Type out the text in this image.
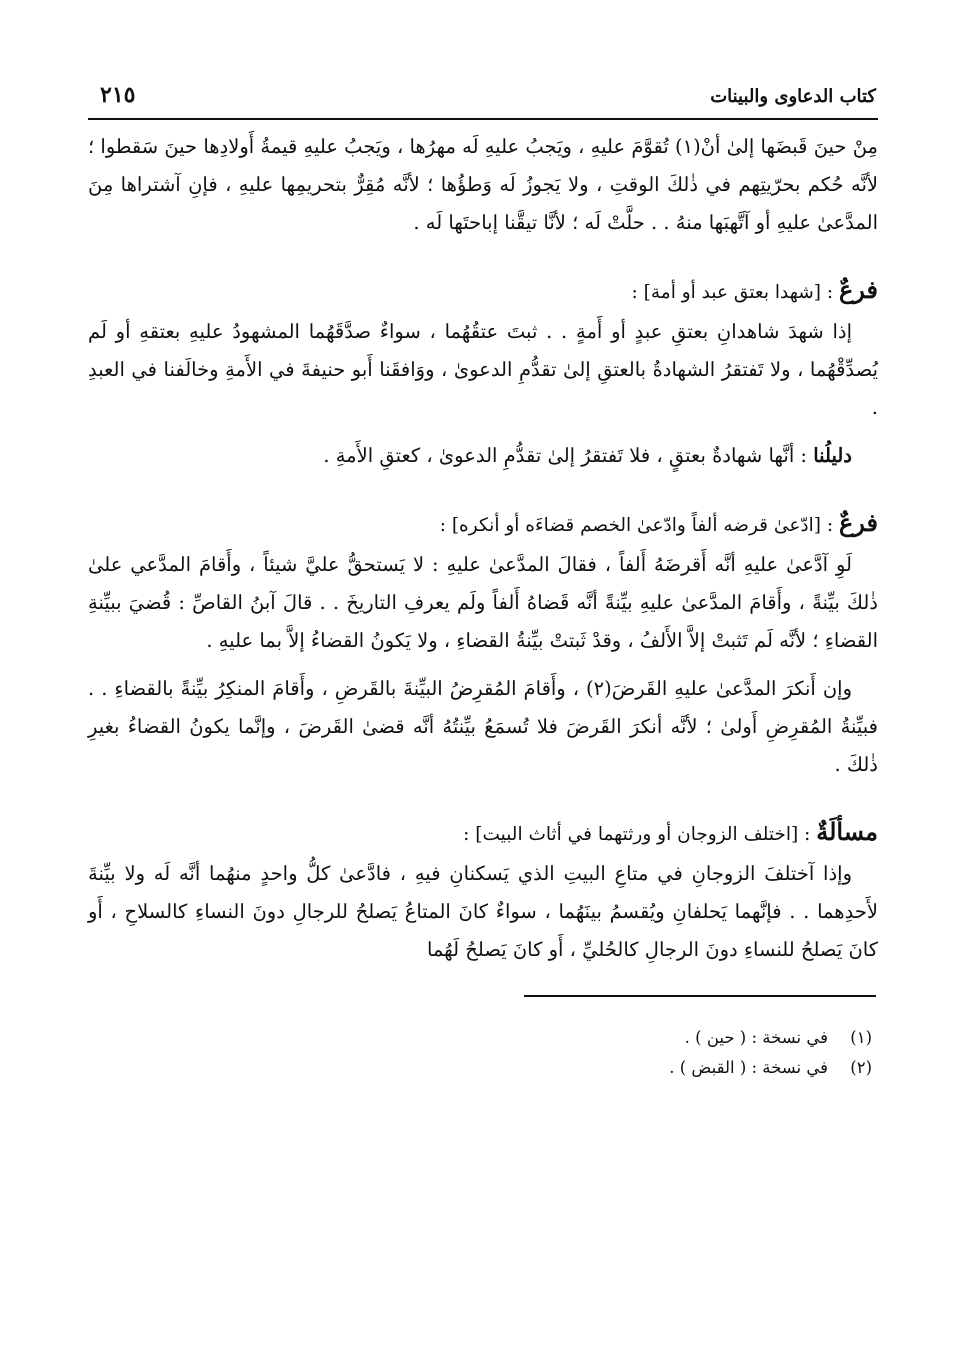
كتاب الدعاوى والبينات
٢١٥

مِنْ حينَ قَبضَها إلىٰ أنْ(١) تُقوَّمَ عليهِ ، ويَجبُ عليهِ لَه مهرُها ، ويَجبُ عليهِ قيمةُ أَولادِها حينَ سَقطوا ؛ لأنَّه حُكم بحرّيتِهم في ذٰلكَ الوقتِ ، ولا يَجوزُ لَه وَطؤُها ؛ لأنَّه مُقِرٌّ بتحريمِها عليهِ ، فإنِ آشتراها مِنَ المدَّعىٰ عليهِ أو آتَّهبَها منهُ . . حلَّتْ لَه ؛ لأنَّا تيقَّنا إباحتَها لَه .

فرعٌ : [شهدا بعتق عبد أو أمة] :

إذا شهدَ شاهدانِ بعتقِ عبدٍ أو أَمةٍ . . ثبتَ عتقُهُما ، سواءٌ صدَّقَهُما المشهودُ عليهِ بعتقهِ أو لَم يُصدِّقْهُما ، ولا تَفتقرُ الشهادةُ بالعتقِ إلىٰ تقدُّمِ الدعوىٰ ، ووَافقَنا أَبو حنيفةَ في الأَمةِ وخالَفنا في العبدِ .

دليلُنا : أنَّها شهادةٌ بعتقٍ ، فلا تَفتقرُ إلىٰ تقدُّمِ الدعوىٰ ، كعتقِ الأَمةِ .

فرعٌ : [ادّعىٰ قرضه ألفاً وادّعىٰ الخصم قضاءَه أو أنكره] :

لَوِ آدَّعىٰ عليهِ أنَّه أَقرضَهُ أَلفاً ، فقالَ المدَّعىٰ عليهِ : لا يَستحقُّ عليَّ شيئاً ، وأَقامَ المدَّعي علىٰ ذٰلكَ بيِّنةً ، وأَقامَ المدَّعىٰ عليهِ بيِّنةً أنَّه قَضاهُ أَلفاً ولَم يعرفِ التاريخَ . . قالَ آبنُ القاصِّ : قُضيَ ببيِّنةِ القضاءِ ؛ لأنَّه لَم تَثبتْ إلاَّ الأَلفُ ، وقدْ ثَبتتْ بيِّنةُ القضاءِ ، ولا يَكونُ القضاءُ إلاَّ بما عليهِ .

وإن أَنكرَ المدَّعىٰ عليهِ القَرضَ(٢) ، وأَقامَ المُقرِضُ البيِّنةَ بالقَرضِ ، وأَقامَ المنكِرُ بيِّنةً بالقضاءِ . . فبيِّنةُ المُقرِضِ أَولىٰ ؛ لأنَّه أنكرَ القَرضَ فلا تُسمَعُ بيِّنتُهُ أنَّه قضىٰ القَرضَ ، وإنَّما يكونُ القضاءُ بغيرِ ذٰلكَ .

مسألَةٌ : [اختلف الزوجان أو ورثتهما في أثاث البيت] :

وإذا آختلفَ الزوجانِ في متاعِ البيتِ الذي يَسكنانِ فيهِ ، فادَّعىٰ كلُّ واحدٍ منهُما أنَّه لَه ولا بيِّنةَ لأَحدِهما . . فإنَّهما يَحلفانِ ويُقسمُ بينَهُما ، سواءٌ كانَ المتاعُ يَصلحُ للرجالِ دونَ النساءِ كالسلاحِ ، أَو كانَ يَصلحُ للنساءِ دونَ الرجالِ كالحُليِّ ، أَو كانَ يَصلحُ لَهُما

(١)في نسخة : ( حين ) .
(٢)في نسخة : ( القبض ) .
